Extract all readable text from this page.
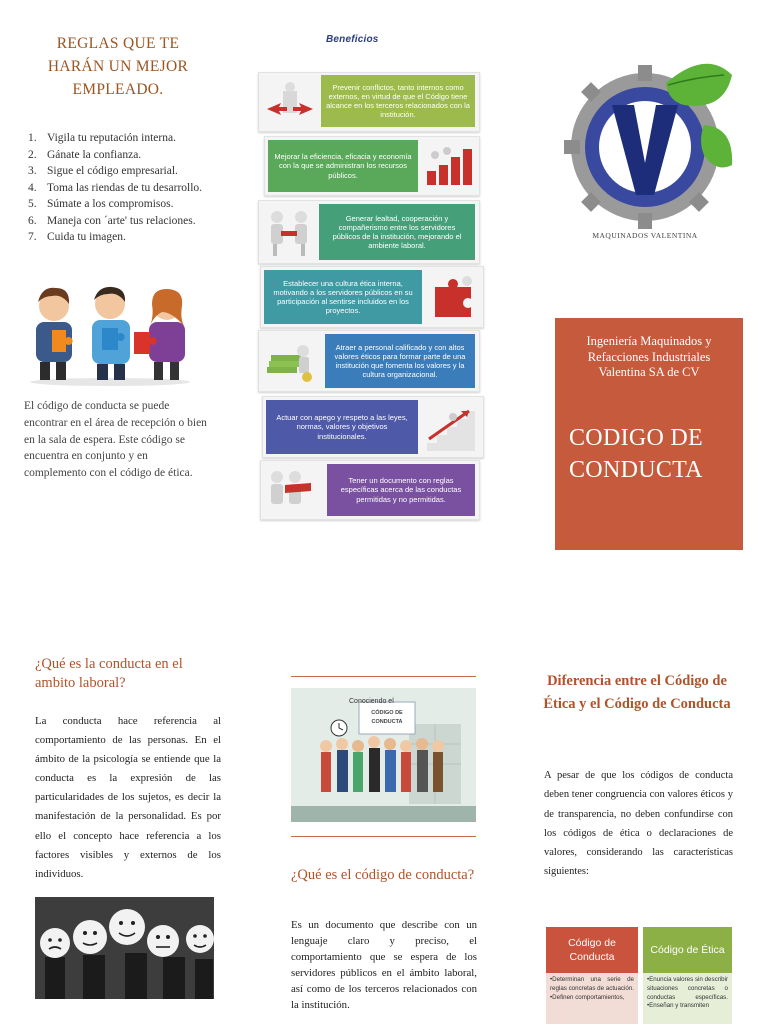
REGLAS QUE TE HARÁN UN MEJOR EMPLEADO.
1. Vigila tu reputación interna.
2. Gánate la confianza.
3. Sigue el código empresarial.
4. Toma las riendas de tu desarrollo.
5. Súmate a los compromisos.
6. Maneja con ´arte' tus relaciones.
7. Cuida tu imagen.
El código de conducta se puede encontrar en el área de recepción o bien en la sala de espera. Este código se encuentra en conjunto y en complemento con el código de ética.
Beneficios
Prevenir conflictos, tanto internos como externos, en virtud de que el Código tiene alcance en los terceros relacionados con la institución.
Mejorar la eficiencia, eficacia y economía con la que se administran los recursos públicos.
Generar lealtad, cooperación y compañerismo entre los servidores públicos de la institución, mejorando el ambiente laboral.
Establecer una cultura ética interna, motivando a los servidores públicos en su participación al sentirse incluidos en los proyectos.
Atraer a personal calificado y con altos valores éticos para formar parte de una institución que fomenta los valores y la cultura organizacional.
Actuar con apego y respeto a las leyes, normas, valores y objetivos institucionales.
Tener un documento con reglas específicas acerca de las conductas permitidas y no permitidas.
MAQUINADOS VALENTINA
Ingeniería Maquinados y Refacciones Industriales Valentina SA de CV
CODIGO DE CONDUCTA
¿Qué es la conducta en el ambito laboral?
La conducta hace referencia al comportamiento de las personas. En el ámbito de la psicología se entiende que la conducta es la expresión de las particularidades de los sujetos, es decir la manifestación de la personalidad. Es por ello el concepto hace referencia a los factores visibles y externos de los individuos.
Conociendo el
CÓDIGO DE
CONDUCTA
¿Qué es el código de conducta?
Es un documento que describe con un lenguaje claro y preciso, el comportamiento que se espera de los servidores públicos en el ámbito laboral, así como de los terceros relacionados con la institución.
Diferencia entre el Código de Ética y el Código de Conducta
A pesar de que los códigos de conducta deben tener congruencia con valores éticos y de transparencia, no deben confundirse con los códigos de ética o declaraciones de valores, considerando las características siguientes:
Código de Conducta
Código de Ética
•Determinan una serie de reglas concretas de actuación. •Definen comportamientos,
•Enuncia valores sin describir situaciones concretas o conductas específicas. •Enseñan y transmiten
